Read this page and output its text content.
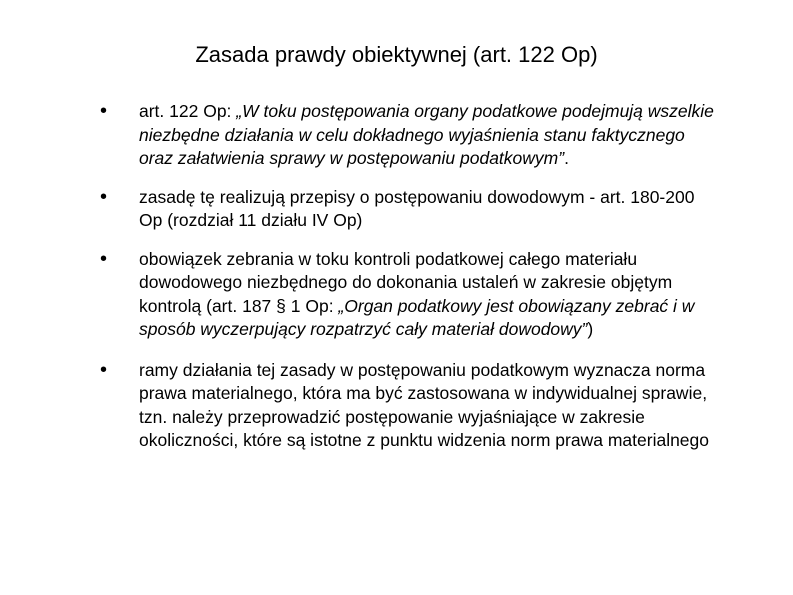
Zasada prawdy obiektywnej (art. 122 Op)
• art. 122 Op: „W toku postępowania organy podatkowe podejmują wszelkie niezbędne działania w celu dokładnego wyjaśnienia stanu faktycznego oraz załatwienia sprawy w postępowaniu podatkowym”.
• zasadę tę realizują przepisy o postępowaniu dowodowym - art. 180-200 Op (rozdział 11 działu IV Op)
• obowiązek zebrania w toku kontroli podatkowej całego materiału dowodowego niezbędnego do dokonania ustaleń w zakresie objętym kontrolą (art. 187 § 1 Op: „Organ podatkowy jest obowiązany zebrać i w sposób wyczerpujący rozpatrzyć cały materiał dowodowy”)
• ramy działania tej zasady w postępowaniu podatkowym wyznacza norma prawa materialnego, która ma być zastosowana w indywidualnej sprawie, tzn. należy przeprowadzić postępowanie wyjaśniające w zakresie okoliczności, które są istotne z punktu widzenia norm prawa materialnego
